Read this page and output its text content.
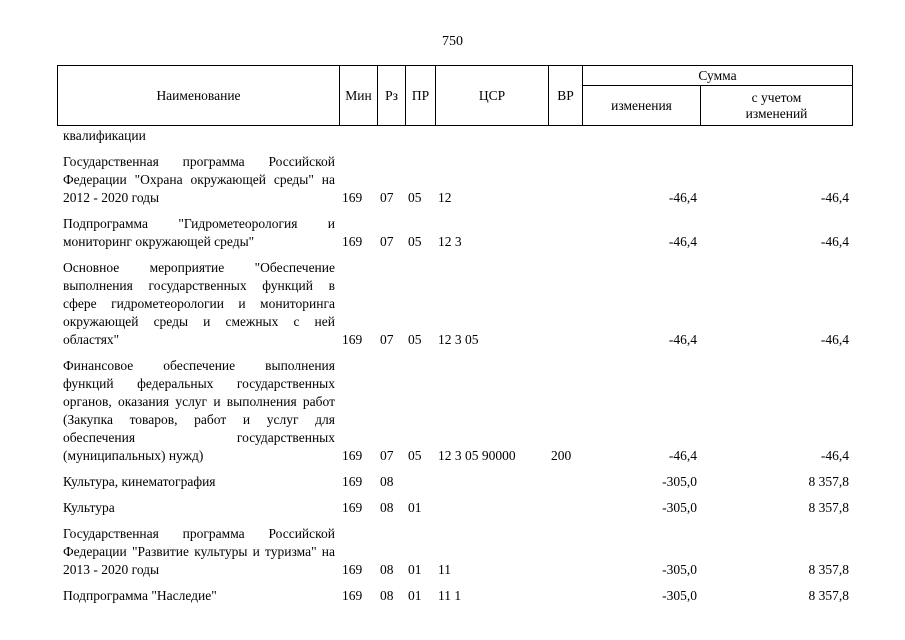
750
Наименование	Мин	Рз	ПР	ЦСР	ВР	Сумма	
						изменения	с учетом
изменений
квалификации							

Государственная программа Российской Федерации "Охрана окружающей среды" на 2012 - 2020 годы	169	07	05	12		-46,4	-46,4

Подпрограмма "Гидрометеорология и мониторинг окружающей среды"	169	07	05	12 3		-46,4	-46,4

Основное мероприятие "Обеспечение выполнения государственных функций в сфере гидрометеорологии и мониторинга окружающей среды и смежных с ней областях"	169	07	05	12 3 05		-46,4	-46,4

Финансовое обеспечение выполнения функций федеральных государственных органов, оказания услуг и выполнения работ (Закупка товаров, работ и услуг для обеспечения государственных (муниципальных) нужд)	169	07	05	12 3 05 90000	200	-46,4	-46,4

Культура, кинематография	169	08				-305,0	8 357,8

Культура	169	08	01			-305,0	8 357,8

Государственная программа Российской Федерации "Развитие культуры и туризма" на 2013 - 2020 годы	169	08	01	11		-305,0	8 357,8

Подпрограмма "Наследие"	169	08	01	11 1		-305,0	8 357,8
